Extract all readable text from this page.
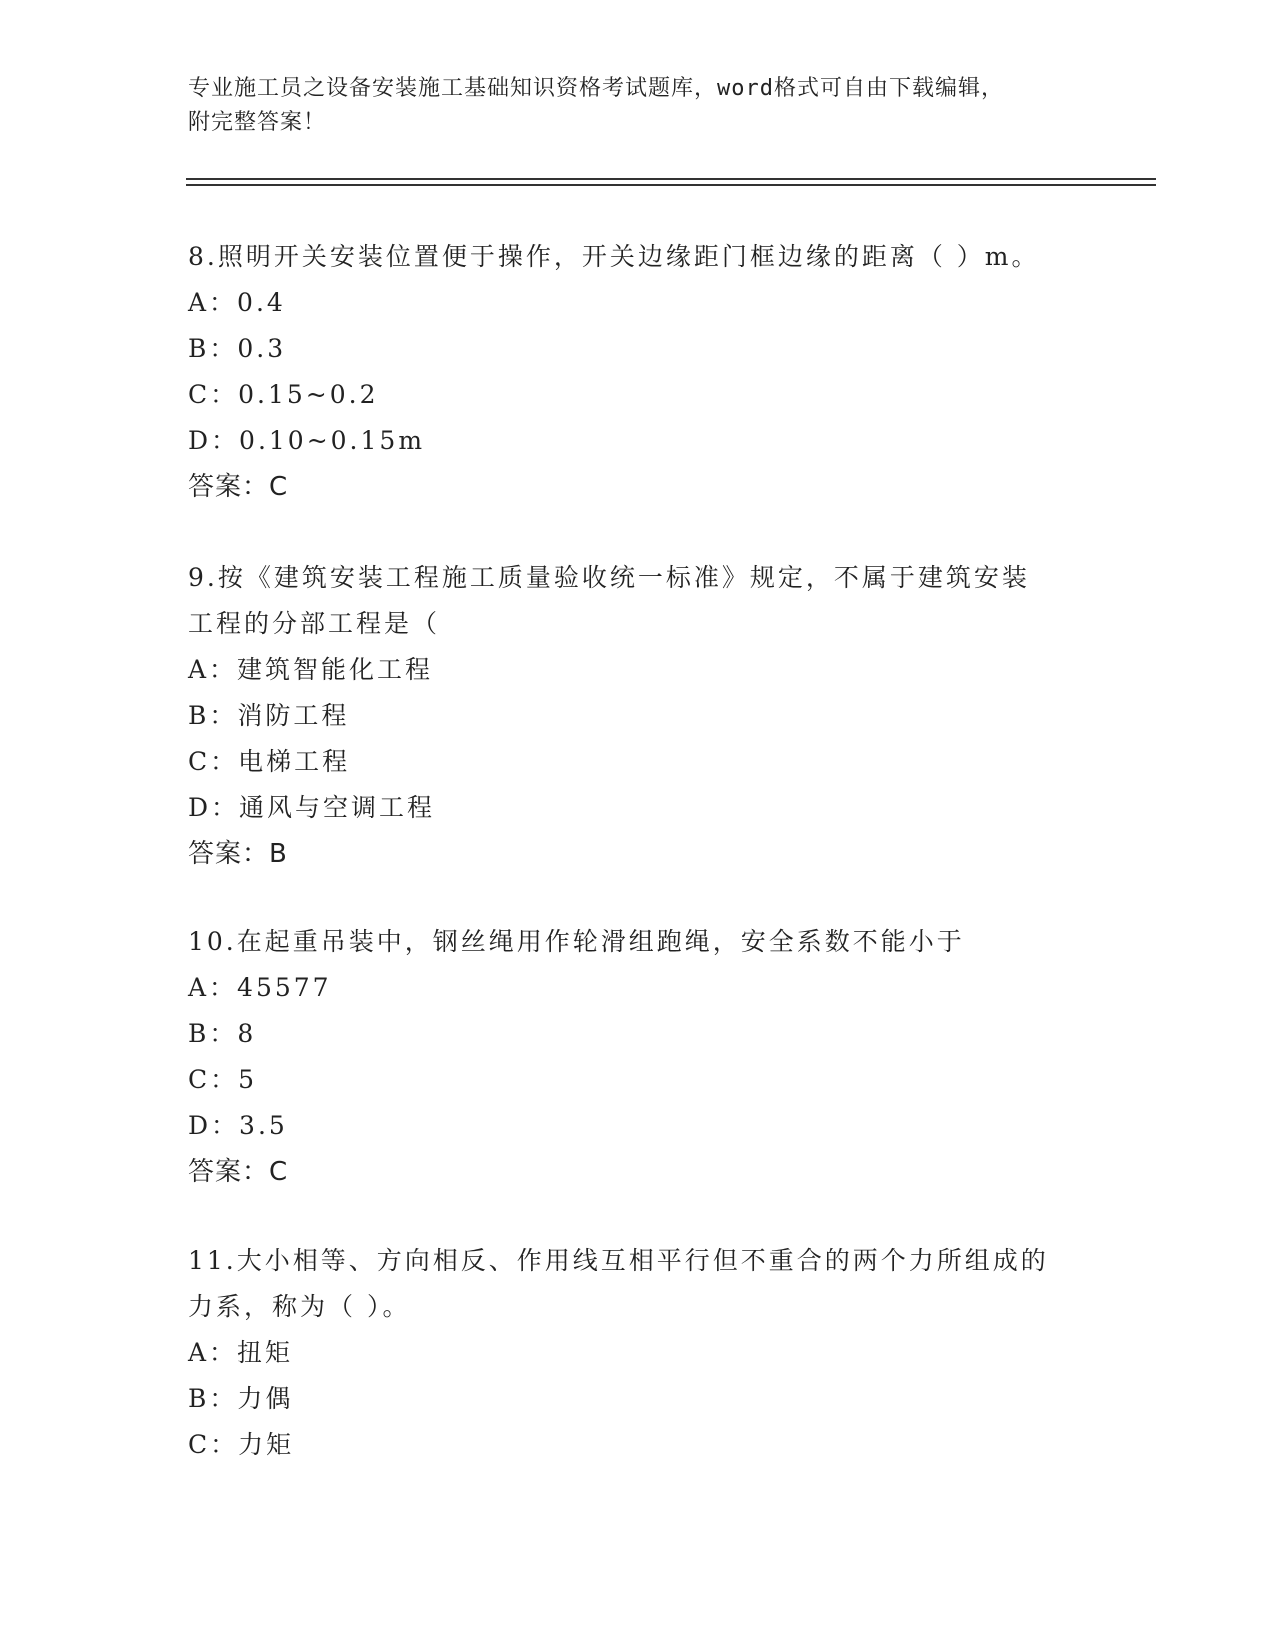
专业施工员之设备安装施工基础知识资格考试题库，word格式可自由下载编辑，
附完整答案！
8.照明开关安装位置便于操作，开关边缘距门框边缘的距离（ ）m。
A：0.4
B：0.3
C：0.15~0.2
D：0.10~0.15m
答案：C
9.按《建筑安装工程施工质量验收统一标准》规定，不属于建筑安装
工程的分部工程是（
A：建筑智能化工程
B：消防工程
C：电梯工程
D：通风与空调工程
答案：B
10.在起重吊装中，钢丝绳用作轮滑组跑绳，安全系数不能小于
A：45577
B：8
C：5
D：3.5
答案：C
11.大小相等、方向相反、作用线互相平行但不重合的两个力所组成的
力系，称为（ ）。
A：扭矩
B：力偶
C：力矩
